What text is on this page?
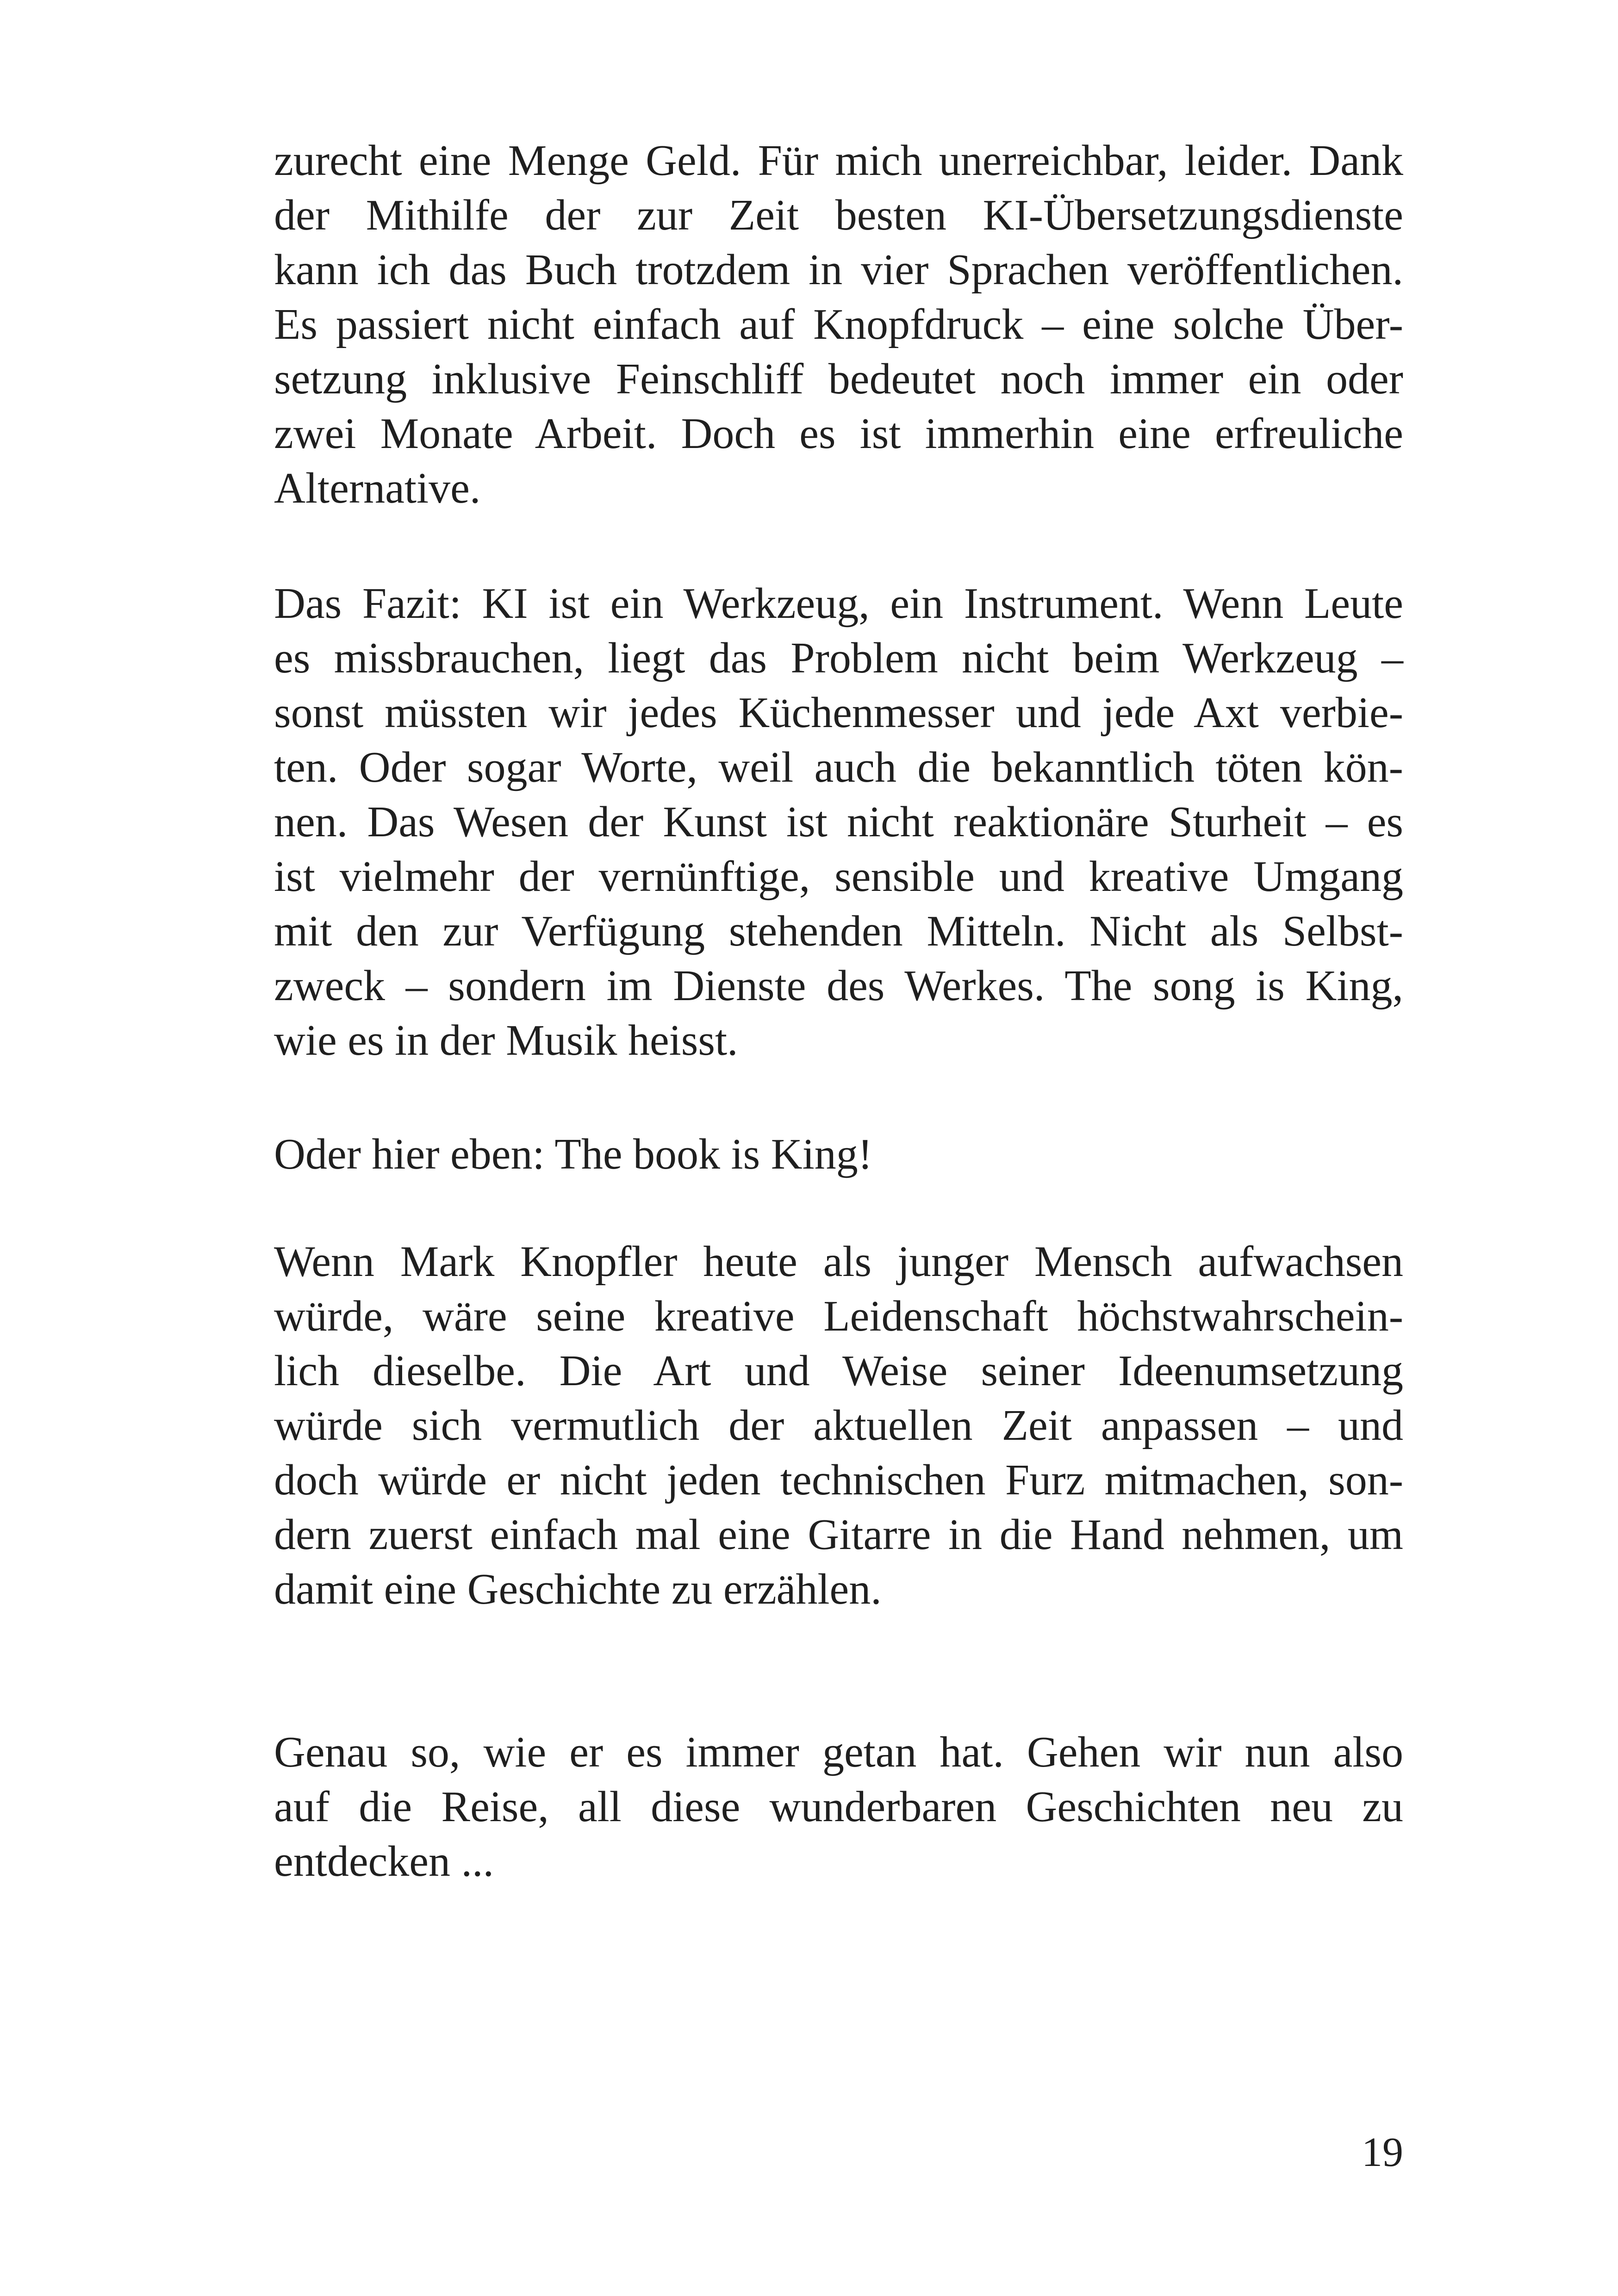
zurecht eine Menge Geld. Für mich unerreichbar, leider. Dank
der Mithilfe der zur Zeit besten KI-Übersetzungsdienste
kann ich das Buch trotzdem in vier Sprachen veröffentlichen.
Es passiert nicht einfach auf Knopfdruck – eine solche Über-
setzung inklusive Feinschliff bedeutet noch immer ein oder
zwei Monate Arbeit. Doch es ist immerhin eine erfreuliche
Alternative.
Das Fazit: KI ist ein Werkzeug, ein Instrument. Wenn Leute
es missbrauchen, liegt das Problem nicht beim Werkzeug –
sonst müssten wir jedes Küchenmesser und jede Axt verbie-
ten. Oder sogar Worte, weil auch die bekanntlich töten kön-
nen. Das Wesen der Kunst ist nicht reaktionäre Sturheit – es
ist vielmehr der vernünftige, sensible und kreative Umgang
mit den zur Verfügung stehenden Mitteln. Nicht als Selbst-
zweck – sondern im Dienste des Werkes. The song is King,
wie es in der Musik heisst.
Oder hier eben: The book is King!
Wenn Mark Knopfler heute als junger Mensch aufwachsen
würde, wäre seine kreative Leidenschaft höchstwahrschein-
lich dieselbe. Die Art und Weise seiner Ideenumsetzung
würde sich vermutlich der aktuellen Zeit anpassen – und
doch würde er nicht jeden technischen Furz mitmachen, son-
dern zuerst einfach mal eine Gitarre in die Hand nehmen, um
damit eine Geschichte zu erzählen.
Genau so, wie er es immer getan hat. Gehen wir nun also
auf die Reise, all diese wunderbaren Geschichten neu zu
entdecken ...
19
